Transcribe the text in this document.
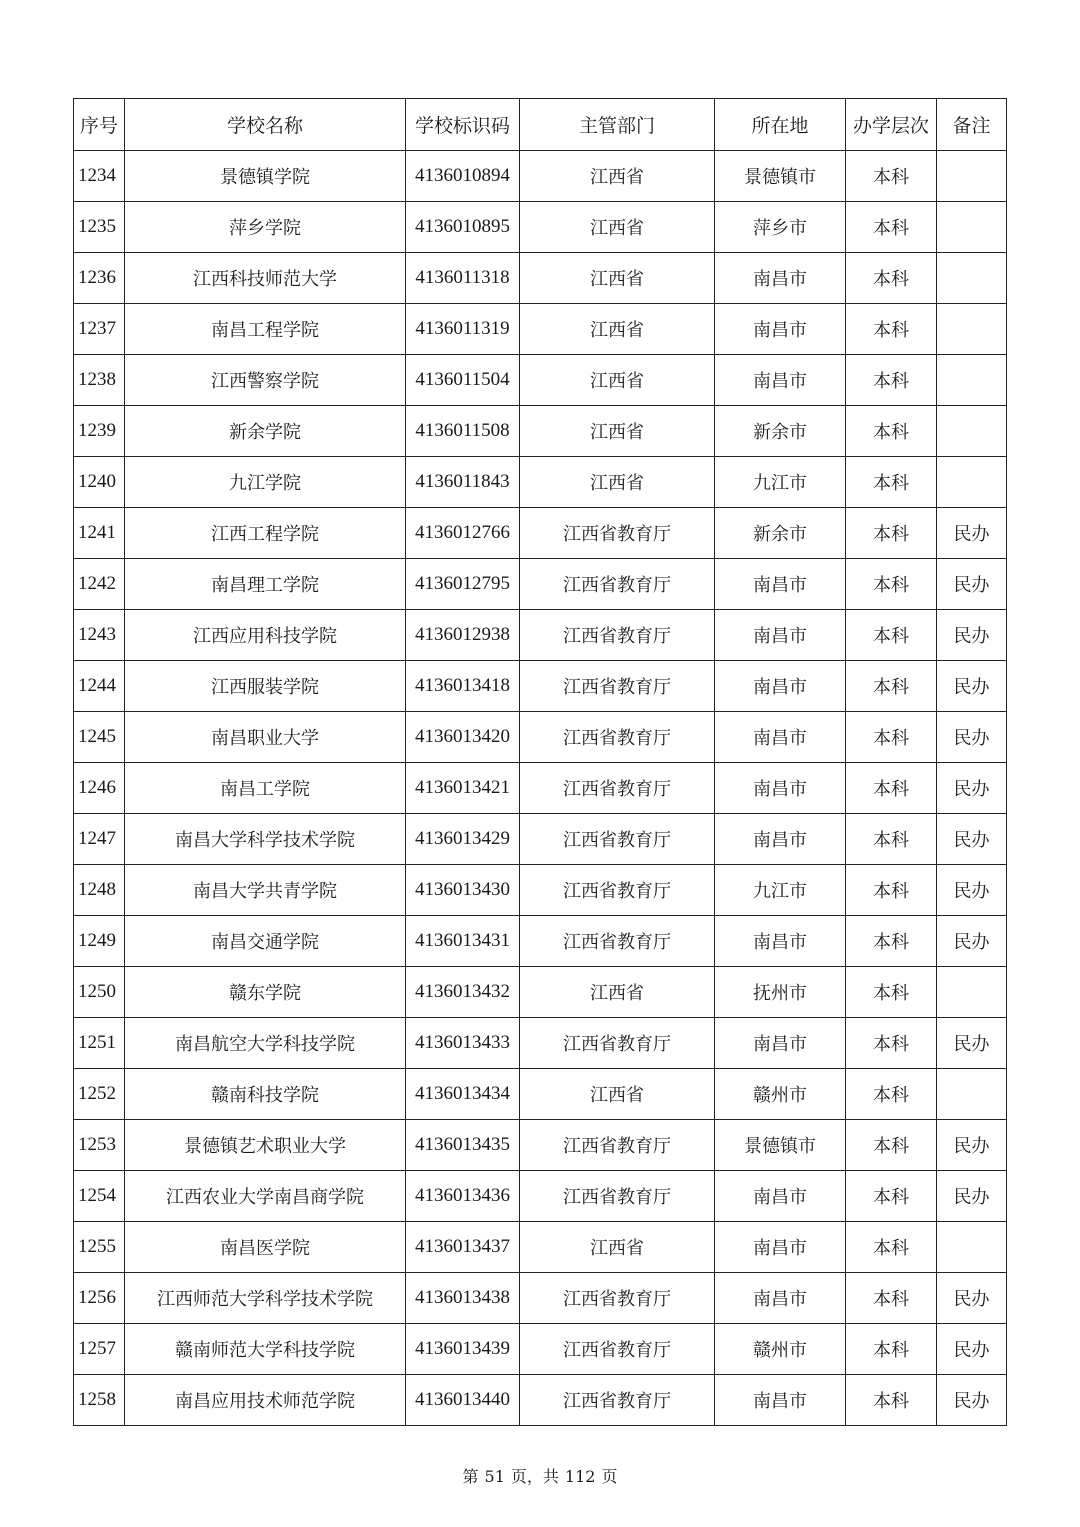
序号	学校名称	学校标识码	主管部门	所在地	办学层次	备注
1234	景德镇学院	4136010894	江西省	景德镇市	本科	
1235	萍乡学院	4136010895	江西省	萍乡市	本科	
1236	江西科技师范大学	4136011318	江西省	南昌市	本科	
1237	南昌工程学院	4136011319	江西省	南昌市	本科	
1238	江西警察学院	4136011504	江西省	南昌市	本科	
1239	新余学院	4136011508	江西省	新余市	本科	
1240	九江学院	4136011843	江西省	九江市	本科	
1241	江西工程学院	4136012766	江西省教育厅	新余市	本科	民办
1242	南昌理工学院	4136012795	江西省教育厅	南昌市	本科	民办
1243	江西应用科技学院	4136012938	江西省教育厅	南昌市	本科	民办
1244	江西服装学院	4136013418	江西省教育厅	南昌市	本科	民办
1245	南昌职业大学	4136013420	江西省教育厅	南昌市	本科	民办
1246	南昌工学院	4136013421	江西省教育厅	南昌市	本科	民办
1247	南昌大学科学技术学院	4136013429	江西省教育厅	南昌市	本科	民办
1248	南昌大学共青学院	4136013430	江西省教育厅	九江市	本科	民办
1249	南昌交通学院	4136013431	江西省教育厅	南昌市	本科	民办
1250	赣东学院	4136013432	江西省	抚州市	本科	
1251	南昌航空大学科技学院	4136013433	江西省教育厅	南昌市	本科	民办
1252	赣南科技学院	4136013434	江西省	赣州市	本科	
1253	景德镇艺术职业大学	4136013435	江西省教育厅	景德镇市	本科	民办
1254	江西农业大学南昌商学院	4136013436	江西省教育厅	南昌市	本科	民办
1255	南昌医学院	4136013437	江西省	南昌市	本科	
1256	江西师范大学科学技术学院	4136013438	江西省教育厅	南昌市	本科	民办
1257	赣南师范大学科技学院	4136013439	江西省教育厅	赣州市	本科	民办
1258	南昌应用技术师范学院	4136013440	江西省教育厅	南昌市	本科	民办
第 51 页，共 112 页
